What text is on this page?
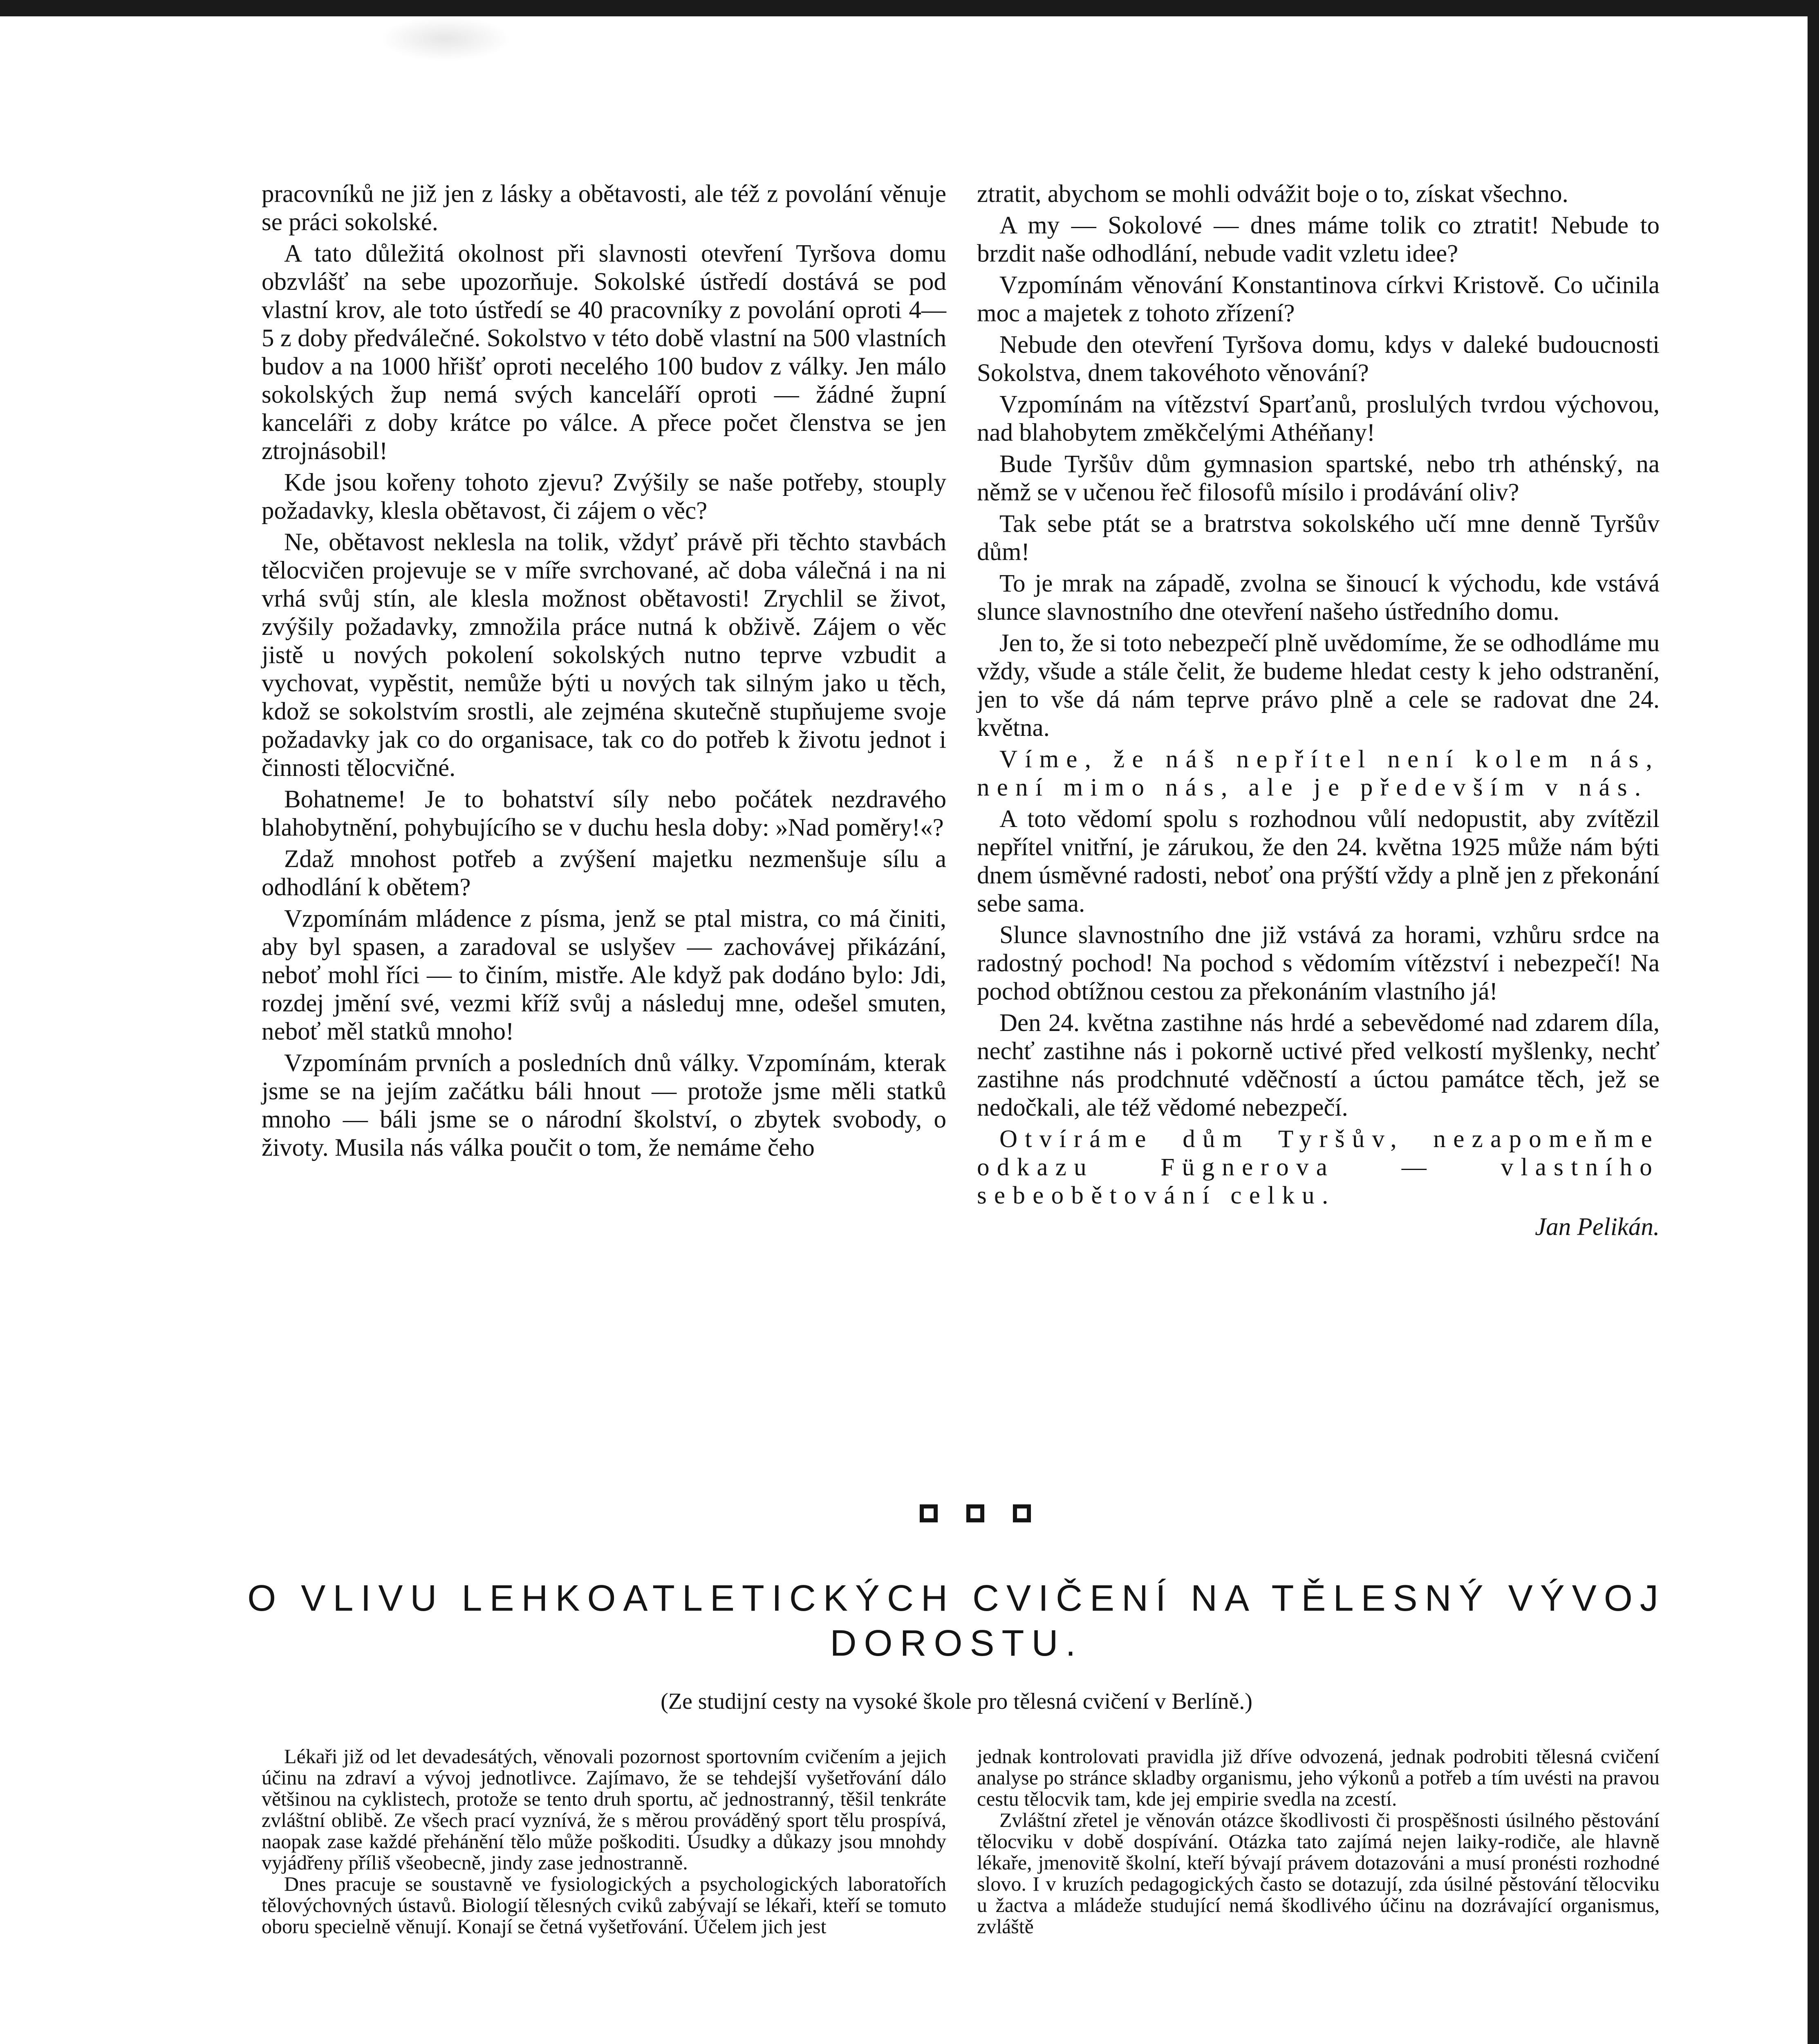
pracovníků ne již jen z lásky a obětavosti, ale též z povolání věnuje se práci sokolské.

A tato důležitá okolnost při slavnosti otevření Tyršova domu obzvlášť na sebe upozorňuje. Sokolské ústředí dostává se pod vlastní krov, ale toto ústředí se 40 pracovníky z povolání oproti 4—5 z doby předválečné. Sokolstvo v této době vlastní na 500 vlastních budov a na 1000 hřišť oproti necelého 100 budov z války. Jen málo sokolských žup nemá svých kanceláří oproti — žádné župní kanceláři z doby krátce po válce. A přece počet členstva se jen ztrojnásobil!

Kde jsou kořeny tohoto zjevu? Zvýšily se naše potřeby, stouply požadavky, klesla obětavost, či zájem o věc?

Ne, obětavost neklesla na tolik, vždyť právě při těchto stavbách tělocvičen projevuje se v míře svrchované, ač doba válečná i na ni vrhá svůj stín, ale klesla možnost obětavosti! Zrychlil se život, zvýšily požadavky, zmnožila práce nutná k obživě. Zájem o věc jistě u nových pokolení sokolských nutno teprve vzbudit a vychovat, vypěstit, nemůže býti u nových tak silným jako u těch, kdož se sokolstvím srostli, ale zejména skutečně stupňujeme svoje požadavky jak co do organisace, tak co do potřeb k životu jednot i činnosti tělocvičné.

Bohatneme! Je to bohatství síly nebo počátek nezdravého blahobytnění, pohybujícího se v duchu hesla doby: »Nad poměry!«?

Zdaž mnohost potřeb a zvýšení majetku nezmenšuje sílu a odhodlání k obětem?

Vzpomínám mládence z písma, jenž se ptal mistra, co má činiti, aby byl spasen, a zaradoval se uslyšev — zachovávej přikázání, neboť mohl říci — to činím, mistře. Ale když pak dodáno bylo: Jdi, rozdej jmění své, vezmi kříž svůj a následuj mne, odešel smuten, neboť měl statků mnoho!

Vzpomínám prvních a posledních dnů války. Vzpomínám, kterak jsme se na jejím začátku báli hnout — protože jsme měli statků mnoho — báli jsme se o národní školství, o zbytek svobody, o životy. Musila nás válka poučit o tom, že nemáme čeho

ztratit, abychom se mohli odvážit boje o to, získat všechno.

A my — Sokolové — dnes máme tolik co ztratit! Nebude to brzdit naše odhodlání, nebude vadit vzletu idee?

Vzpomínám věnování Konstantinova církvi Kristově. Co učinila moc a majetek z tohoto zřízení?

Nebude den otevření Tyršova domu, kdys v daleké budoucnosti Sokolstva, dnem takovéhoto věnování?

Vzpomínám na vítězství Sparťanů, proslulých tvrdou výchovou, nad blahobytem změkčelými Athéňany!

Bude Tyršův dům gymnasion spartské, nebo trh athénský, na němž se v učenou řeč filosofů mísilo i prodávání oliv?

Tak sebe ptát se a bratrstva sokolského učí mne denně Tyršův dům!

To je mrak na západě, zvolna se šinoucí k východu, kde vstává slunce slavnostního dne otevření našeho ústředního domu.

Jen to, že si toto nebezpečí plně uvědomíme, že se odhodláme mu vždy, všude a stále čelit, že budeme hledat cesty k jeho odstranění, jen to vše dá nám teprve právo plně a cele se radovat dne 24. května.

Víme, že náš nepřítel není kolem nás, není mimo nás, ale je především v nás.

A toto vědomí spolu s rozhodnou vůlí nedopustit, aby zvítězil nepřítel vnitřní, je zárukou, že den 24. května 1925 může nám býti dnem úsměvné radosti, neboť ona prýští vždy a plně jen z překonání sebe sama.

Slunce slavnostního dne již vstává za horami, vzhůru srdce na radostný pochod! Na pochod s vědomím vítězství i nebezpečí! Na pochod obtížnou cestou za překonáním vlastního já!

Den 24. května zastihne nás hrdé a sebevědomé nad zdarem díla, nechť zastihne nás i pokorně uctivé před velkostí myšlenky, nechť zastihne nás prodchnuté vděčností a úctou památce těch, jež se nedočkali, ale též vědomé nebezpečí.

Otvíráme dům Tyršův, nezapomeňme odkazu Fügnerova — vlastního sebeobětování celku.

Jan Pelikán.

O VLIVU LEHKOATLETICKÝCH CVIČENÍ NA TĚLESNÝ VÝVOJ DOROSTU.

(Ze studijní cesty na vysoké škole pro tělesná cvičení v Berlíně.)

Lékaři již od let devadesátých, věnovali pozornost sportovním cvičením a jejich účinu na zdraví a vývoj jednotlivce. Zajímavo, že se tehdejší vyšetřování dálo většinou na cyklistech, protože se tento druh sportu, ač jednostranný, těšil tenkráte zvláštní oblibě. Ze všech prací vyznívá, že s měrou prováděný sport tělu prospívá, naopak zase každé přehánění tělo může poškoditi. Úsudky a důkazy jsou mnohdy vyjádřeny příliš všeobecně, jindy zase jednostranně.

Dnes pracuje se soustavně ve fysiologických a psychologických laboratořích tělovýchovných ústavů. Biologií tělesných cviků zabývají se lékaři, kteří se tomuto oboru specielně věnují. Konají se četná vyšetřování. Účelem jich jest

jednak kontrolovati pravidla již dříve odvozená, jednak podrobiti tělesná cvičení analyse po stránce skladby organismu, jeho výkonů a potřeb a tím uvésti na pravou cestu tělocvik tam, kde jej empirie svedla na zcestí.

Zvláštní zřetel je věnován otázce škodlivosti či prospěšnosti úsilného pěstování tělocviku v době dospívání. Otázka tato zajímá nejen laiky-rodiče, ale hlavně lékaře, jmenovitě školní, kteří bývají právem dotazováni a musí pronésti rozhodné slovo. I v kruzích pedagogických často se dotazují, zda úsilné pěstování tělocviku u žactva a mládeže studující nemá škodlivého účinu na dozrávající organismus, zvláště
